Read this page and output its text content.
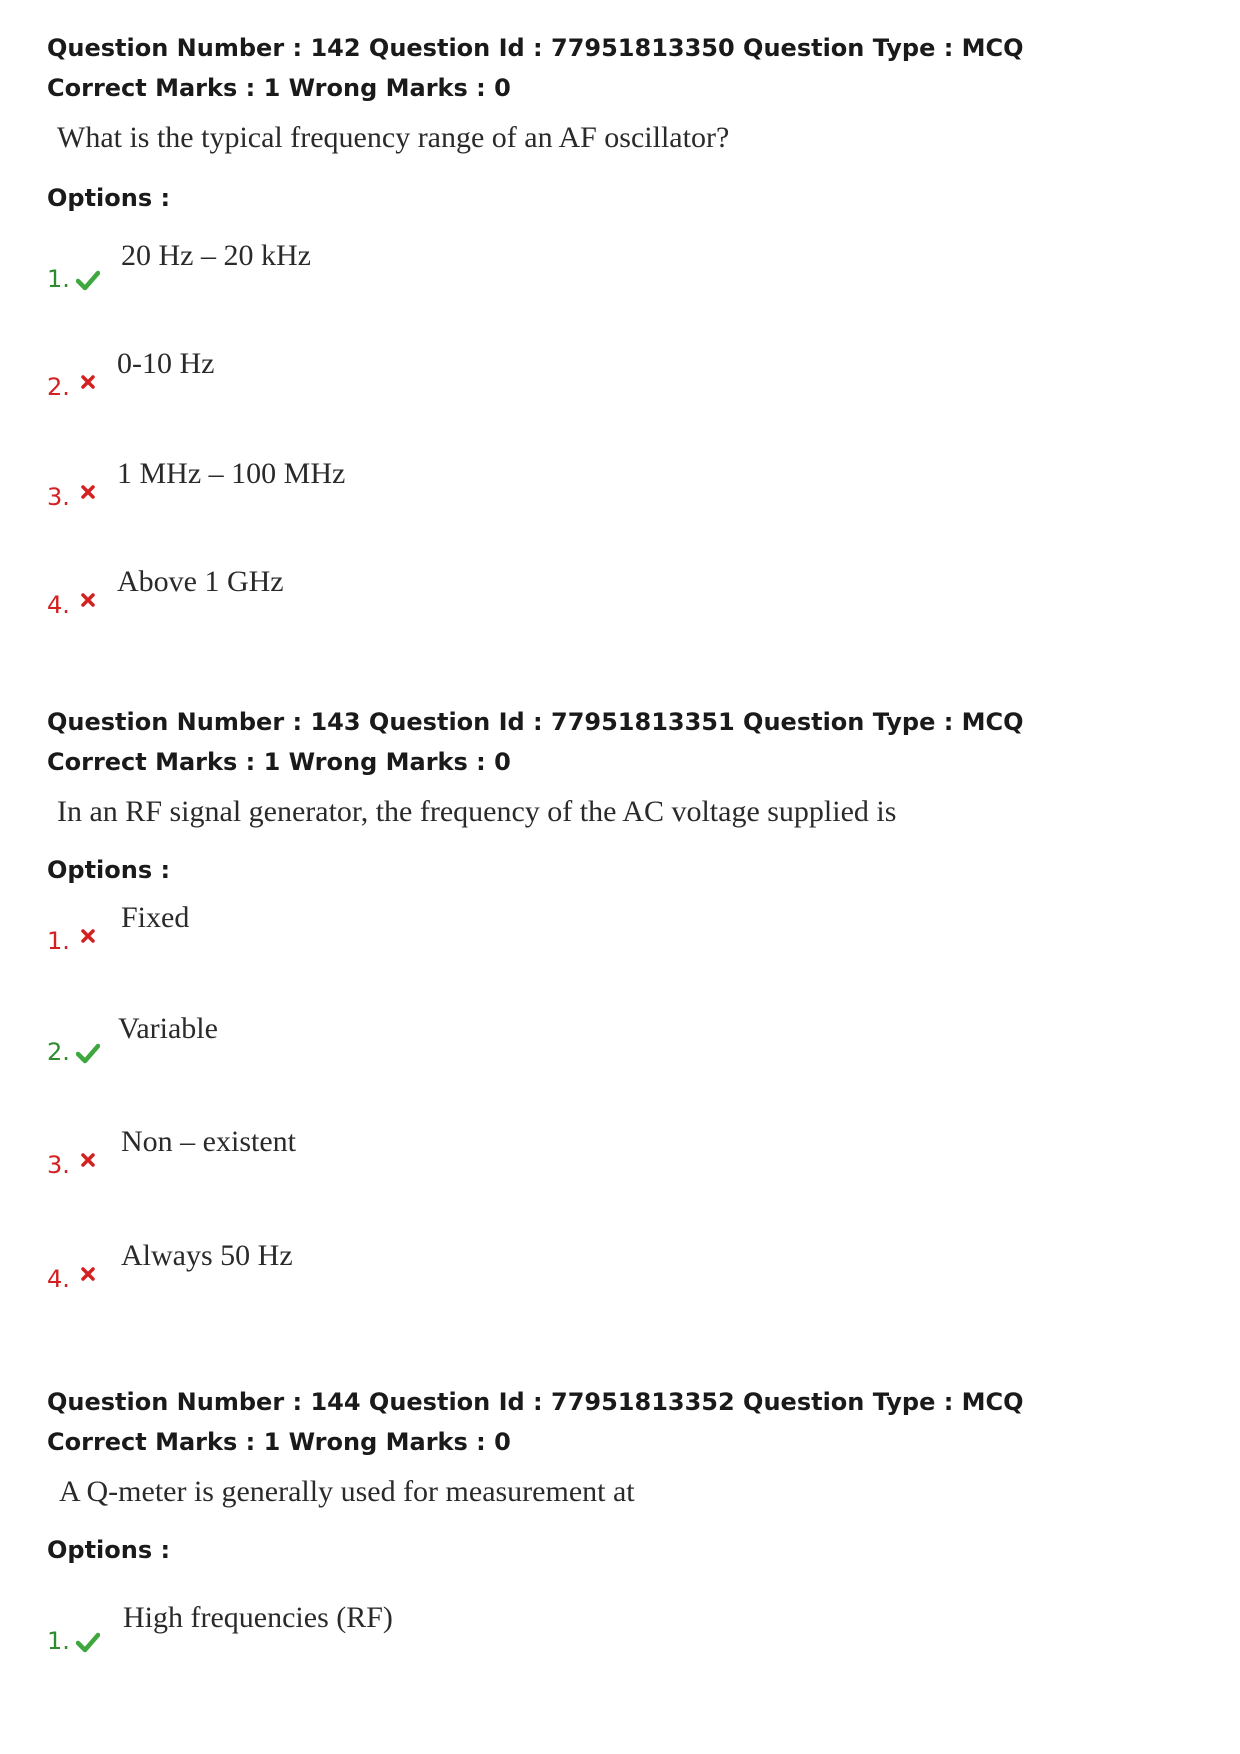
Question Number : 142 Question Id : 77951813350 Question Type : MCQ
Correct Marks : 1 Wrong Marks : 0
What is the typical frequency range of an AF oscillator?
Options :
1.
20 Hz – 20 kHz
2.
0-10 Hz
3.
1 MHz – 100 MHz
4.
Above 1 GHz
Question Number : 143 Question Id : 77951813351 Question Type : MCQ
Correct Marks : 1 Wrong Marks : 0
In an RF signal generator, the frequency of the AC voltage supplied is
Options :
1.
Fixed
2.
Variable
3.
Non – existent
4.
Always 50 Hz
Question Number : 144 Question Id : 77951813352 Question Type : MCQ
Correct Marks : 1 Wrong Marks : 0
A Q-meter is generally used for measurement at
Options :
1.
High frequencies (RF)
